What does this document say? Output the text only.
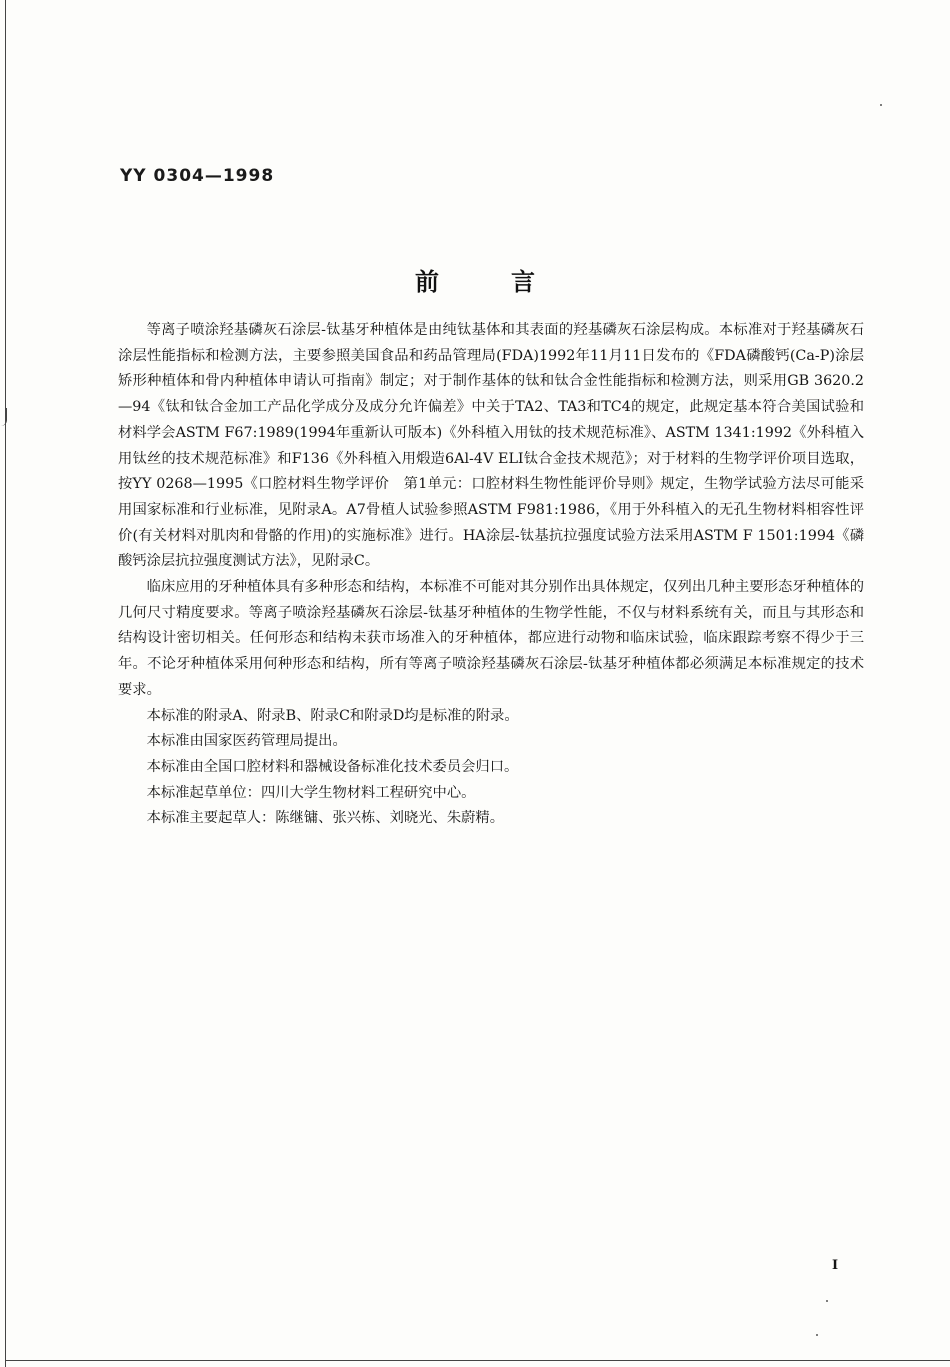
YY 0304—1998
前言

等离子喷涂羟基磷灰石涂层-钛基牙种植体是由纯钛基体和其表面的羟基磷灰石涂层构成。本标准对于羟基磷灰石涂层性能指标和检测方法，主要参照美国食品和药品管理局(FDA)1992年11月11日发布的《FDA磷酸钙(Ca-P)涂层矫形种植体和骨内种植体申请认可指南》制定；对于制作基体的钛和钛合金性能指标和检测方法，则采用GB 3620.2—94《钛和钛合金加工产品化学成分及成分允许偏差》中关于TA2、TA3和TC4的规定，此规定基本符合美国试验和材料学会ASTM F67:1989(1994年重新认可版本)《外科植入用钛的技术规范标准》、ASTM 1341:1992《外科植入用钛丝的技术规范标准》和F136《外科植入用煅造6Al-4V ELI钛合金技术规范》；对于材料的生物学评价项目选取，按YY 0268—1995《口腔材料生物学评价　第1单元：口腔材料生物性能评价导则》规定，生物学试验方法尽可能采用国家标准和行业标准，见附录A。A7骨植人试验参照ASTM F981:1986，《用于外科植入的无孔生物材料相容性评价(有关材料对肌肉和骨骼的作用)的实施标准》进行。HA涂层-钛基抗拉强度试验方法采用ASTM F 1501:1994《磷酸钙涂层抗拉强度测试方法》，见附录C。

临床应用的牙种植体具有多种形态和结构，本标准不可能对其分别作出具体规定，仅列出几种主要形态牙种植体的几何尺寸精度要求。等离子喷涂羟基磷灰石涂层-钛基牙种植体的生物学性能，不仅与材料系统有关，而且与其形态和结构设计密切相关。任何形态和结构未获市场准入的牙种植体，都应进行动物和临床试验，临床跟踪考察不得少于三年。不论牙种植体采用何种形态和结构，所有等离子喷涂羟基磷灰石涂层-钛基牙种植体都必须满足本标准规定的技术要求。

本标准的附录A、附录B、附录C和附录D均是标准的附录。

本标准由国家医药管理局提出。

本标准由全国口腔材料和器械设备标准化技术委员会归口。

本标准起草单位：四川大学生物材料工程研究中心。

本标准主要起草人：陈继镛、张兴栋、刘晓光、朱蔚精。

I
